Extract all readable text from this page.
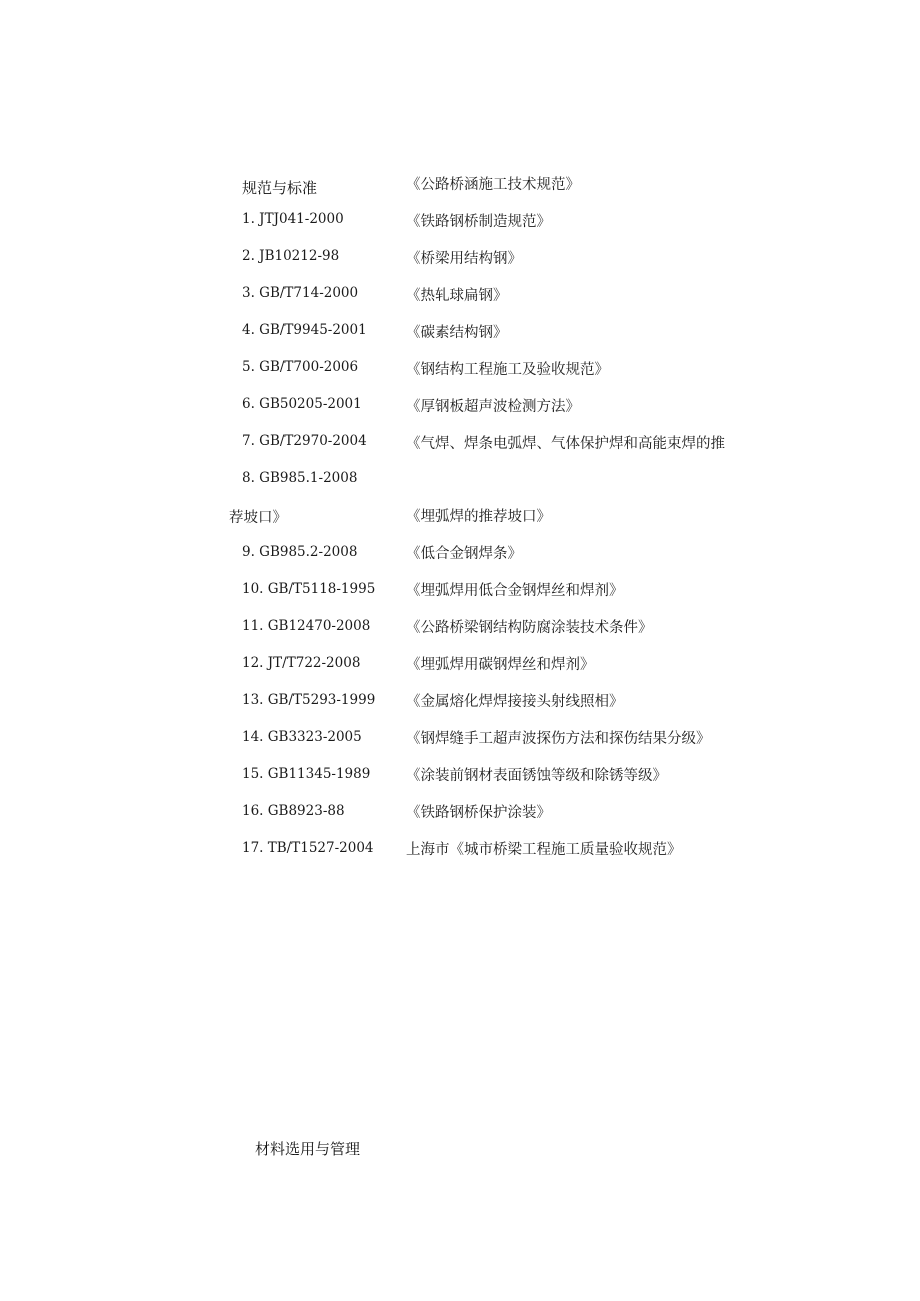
规范与标准
1. JTJ041-2000
2. JB10212-98
3. GB/T714-2000
4. GB/T9945-2001
5. GB/T700-2006
6. GB50205-2001
7. GB/T2970-2004
8. GB985.1-2008
9. GB985.2-2008
10. GB/T5118-1995
11. GB12470-2008
12. JT/T722-2008
13. GB/T5293-1999
14. GB3323-2005
15. GB11345-1989
16. GB8923-88
17. TB/T1527-2004
《公路桥涵施工技术规范》
《铁路钢桥制造规范》
《桥梁用结构钢》
《热轧球扁钢》
《碳素结构钢》
《钢结构工程施工及验收规范》
《厚钢板超声波检测方法》
《气焊、焊条电弧焊、气体保护焊和高能束焊的推
《埋弧焊的推荐坡口》
《低合金钢焊条》
《埋弧焊用低合金钢焊丝和焊剂》
《公路桥梁钢结构防腐涂装技术条件》
《埋弧焊用碳钢焊丝和焊剂》
《金属熔化焊焊接接头射线照相》
《钢焊缝手工超声波探伤方法和探伤结果分级》
《涂装前钢材表面锈蚀等级和除锈等级》
《铁路钢桥保护涂装》
上海市《城市桥梁工程施工质量验收规范》
荐坡口》
材料选用与管理
